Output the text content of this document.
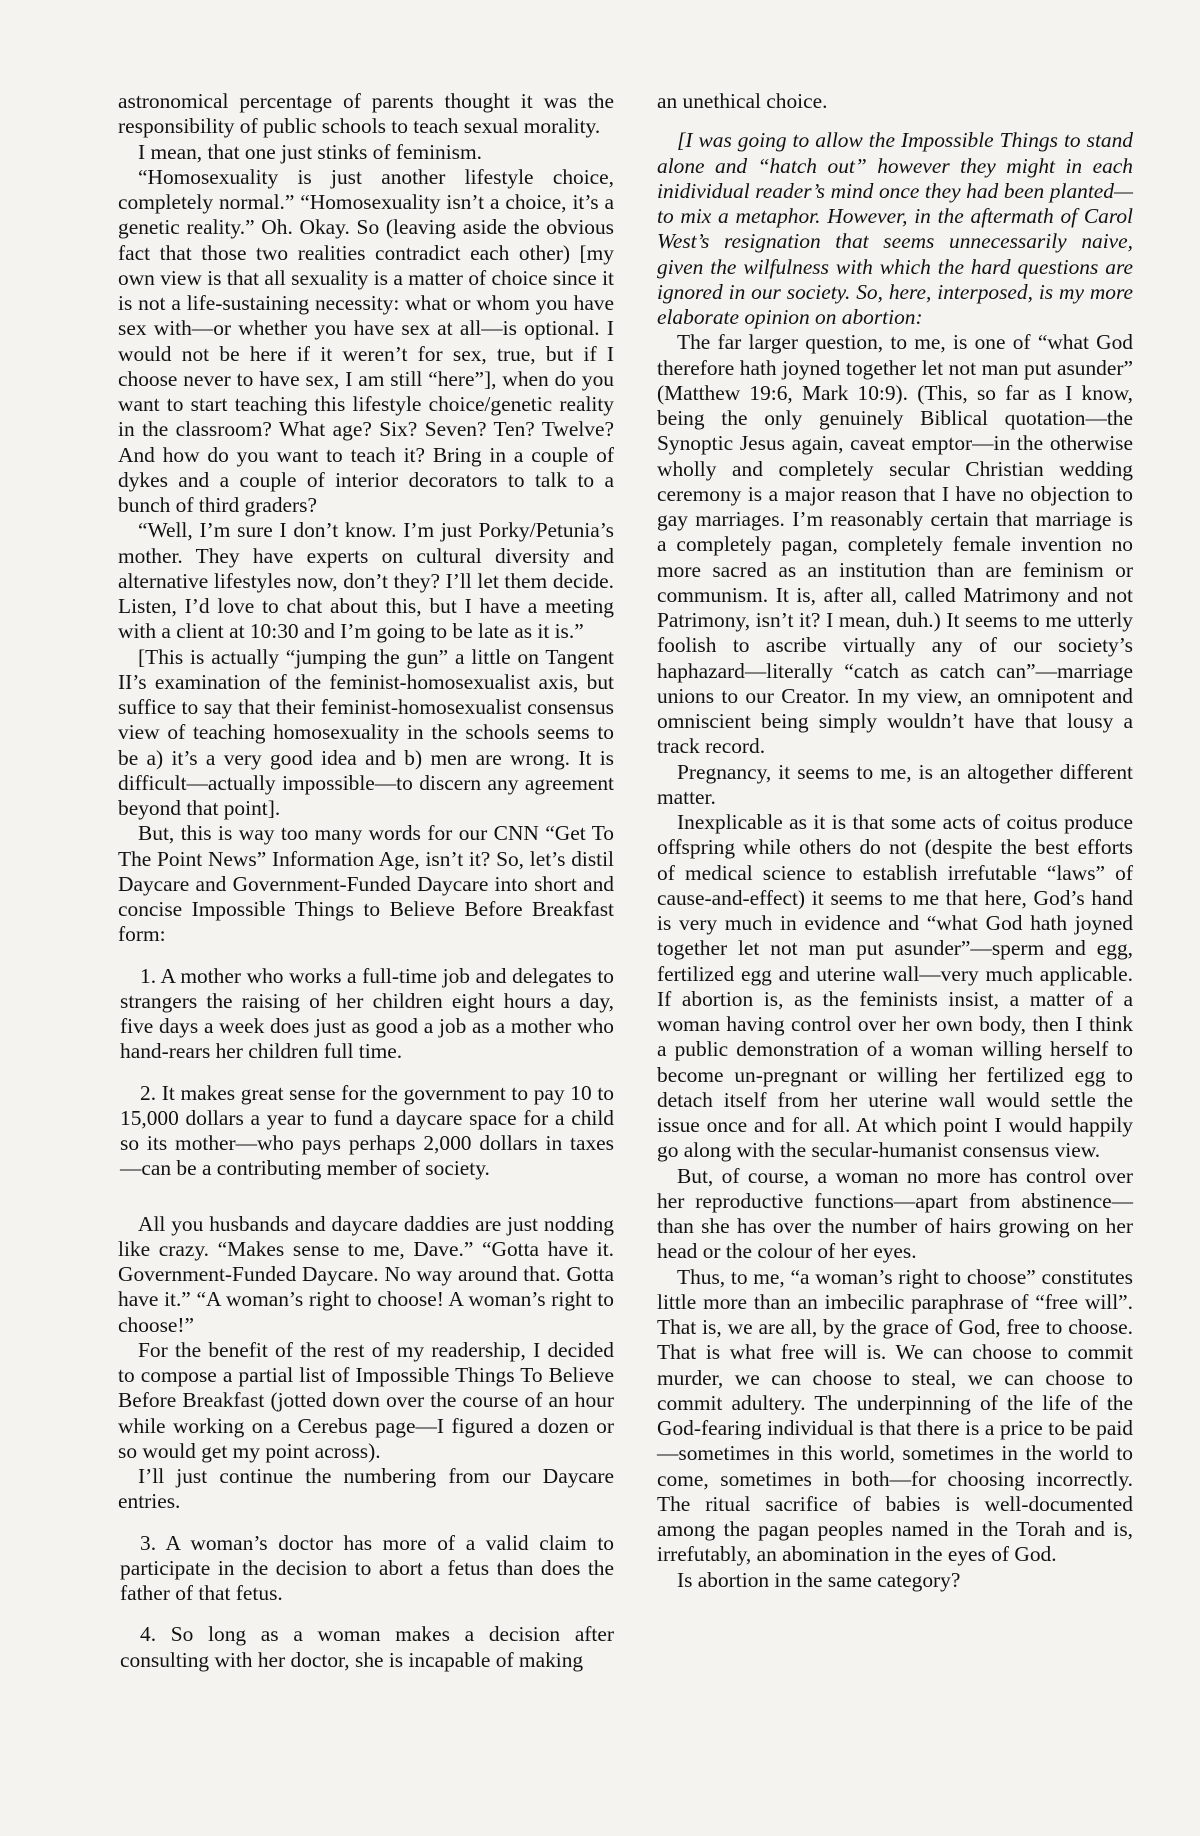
astronomical percentage of parents thought it was the responsibility of public schools to teach sexual morality.

I mean, that one just stinks of feminism.

“Homosexuality is just another lifestyle choice, completely normal.” “Homosexuality isn’t a choice, it’s a genetic reality.” Oh. Okay. So (leaving aside the obvious fact that those two realities contradict each other) [my own view is that all sexuality is a matter of choice since it is not a life-sustaining necessity: what or whom you have sex with—or whether you have sex at all—is optional. I would not be here if it weren’t for sex, true, but if I choose never to have sex, I am still “here”], when do you want to start teaching this lifestyle choice/genetic reality in the classroom? What age? Six? Seven? Ten? Twelve? And how do you want to teach it? Bring in a couple of dykes and a couple of interior decorators to talk to a bunch of third graders?

“Well, I’m sure I don’t know. I’m just Porky/Petunia’s mother. They have experts on cultural diversity and alternative lifestyles now, don’t they? I’ll let them decide. Listen, I’d love to chat about this, but I have a meeting with a client at 10:30 and I’m going to be late as it is.”

[This is actually “jumping the gun” a little on Tangent II’s examination of the feminist-homosexualist axis, but suffice to say that their feminist-homosexualist consensus view of teaching homosexuality in the schools seems to be a) it’s a very good idea and b) men are wrong. It is difficult—actually impossible—to discern any agreement beyond that point].

But, this is way too many words for our CNN “Get To The Point News” Information Age, isn’t it? So, let’s distil Daycare and Government-Funded Daycare into short and concise Impossible Things to Believe Before Breakfast form:

1. A mother who works a full-time job and delegates to strangers the raising of her children eight hours a day, five days a week does just as good a job as a mother who hand-rears her children full time.

2. It makes great sense for the government to pay 10 to 15,000 dollars a year to fund a daycare space for a child so its mother—who pays perhaps 2,000 dollars in taxes—can be a contributing member of society.

All you husbands and daycare daddies are just nodding like crazy. “Makes sense to me, Dave.” “Gotta have it. Government-Funded Daycare. No way around that. Gotta have it.” “A woman’s right to choose! A woman’s right to choose!”

For the benefit of the rest of my readership, I decided to compose a partial list of Impossible Things To Believe Before Breakfast (jotted down over the course of an hour while working on a Cerebus page—I figured a dozen or so would get my point across).

I’ll just continue the numbering from our Daycare entries.

3. A woman’s doctor has more of a valid claim to participate in the decision to abort a fetus than does the father of that fetus.

4. So long as a woman makes a decision after consulting with her doctor, she is incapable of making

an unethical choice.

[I was going to allow the Impossible Things to stand alone and “hatch out” however they might in each inidividual reader’s mind once they had been planted—to mix a metaphor. However, in the aftermath of Carol West’s resignation that seems unnecessarily naive, given the wilfulness with which the hard questions are ignored in our society. So, here, interposed, is my more elaborate opinion on abortion:

The far larger question, to me, is one of “what God therefore hath joyned together let not man put asunder” (Matthew 19:6, Mark 10:9). (This, so far as I know, being the only genuinely Biblical quotation—the Synoptic Jesus again, caveat emptor—in the otherwise wholly and completely secular Christian wedding ceremony is a major reason that I have no objection to gay marriages. I’m reasonably certain that marriage is a completely pagan, completely female invention no more sacred as an institution than are feminism or communism. It is, after all, called Matrimony and not Patrimony, isn’t it? I mean, duh.) It seems to me utterly foolish to ascribe virtually any of our society’s haphazard—literally “catch as catch can”—marriage unions to our Creator. In my view, an omnipotent and omniscient being simply wouldn’t have that lousy a track record.

Pregnancy, it seems to me, is an altogether different matter.

Inexplicable as it is that some acts of coitus produce offspring while others do not (despite the best efforts of medical science to establish irrefutable “laws” of cause-and-effect) it seems to me that here, God’s hand is very much in evidence and “what God hath joyned together let not man put asunder”—sperm and egg, fertilized egg and uterine wall—very much applicable. If abortion is, as the feminists insist, a matter of a woman having control over her own body, then I think a public demonstration of a woman willing herself to become un-pregnant or willing her fertilized egg to detach itself from her uterine wall would settle the issue once and for all. At which point I would happily go along with the secular-humanist consensus view.

But, of course, a woman no more has control over her reproductive functions—apart from abstinence—than she has over the number of hairs growing on her head or the colour of her eyes.

Thus, to me, “a woman’s right to choose” constitutes little more than an imbecilic paraphrase of “free will”. That is, we are all, by the grace of God, free to choose. That is what free will is. We can choose to commit murder, we can choose to steal, we can choose to commit adultery. The underpinning of the life of the God-fearing individual is that there is a price to be paid—sometimes in this world, sometimes in the world to come, sometimes in both—for choosing incorrectly. The ritual sacrifice of babies is well-documented among the pagan peoples named in the Torah and is, irrefutably, an abomination in the eyes of God.

Is abortion in the same category?
